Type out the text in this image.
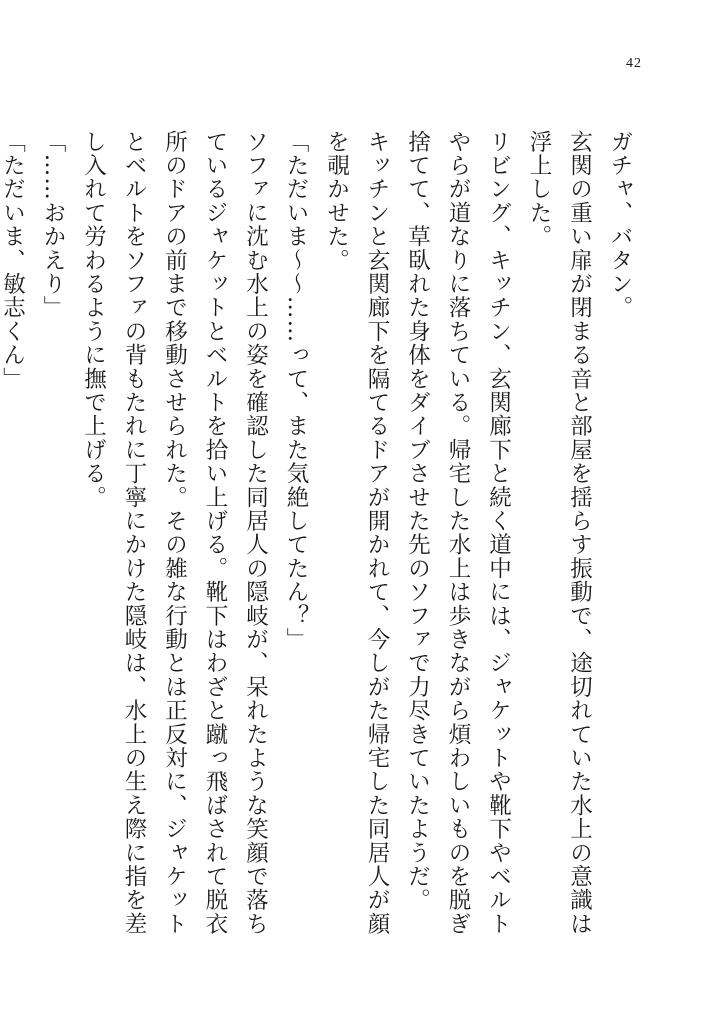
42

ガチャ、バタン。

玄関の重い扉が閉まる音と部屋を揺らす振動で、途切れていた水上の意識は浮上した。

リビング、キッチン、玄関廊下と続く道中には、ジャケットや靴下やベルトやらが道なりに落ちている。帰宅した水上は歩きながら煩わしいものを脱ぎ捨てて、草臥れた身体をダイブさせた先のソファで力尽きていたようだ。

キッチンと玄関廊下を隔てるドアが開かれて、今しがた帰宅した同居人が顔を覗かせた。

「ただいま〜〜……って、また気絶してたん？」

ソファに沈む水上の姿を確認した同居人の隠岐が、呆れたような笑顔で落ちているジャケットとベルトを拾い上げる。靴下はわざと蹴っ飛ばされて脱衣所のドアの前まで移動させられた。その雑な行動とは正反対に、ジャケットとベルトをソファの背もたれに丁寧にかけた隠岐は、水上の生え際に指を差し入れて労わるように撫で上げる。

「……おかえり」

「ただいま、敏志くん」
